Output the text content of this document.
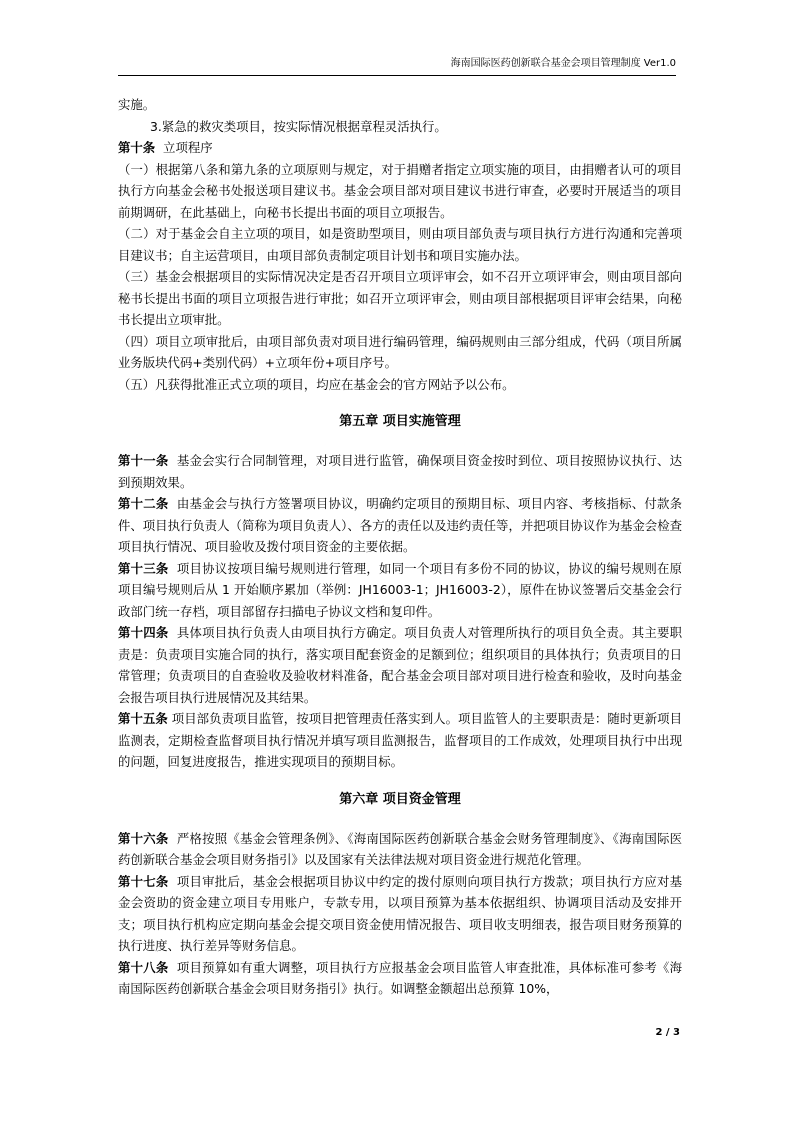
海南国际医药创新联合基金会项目管理制度 Ver1.0

实施。

3.紧急的救灾类项目，按实际情况根据章程灵活执行。

第十条  立项程序

（一）根据第八条和第九条的立项原则与规定，对于捐赠者指定立项实施的项目，由捐赠者认可的项目执行方向基金会秘书处报送项目建议书。基金会项目部对项目建议书进行审查，必要时开展适当的项目前期调研，在此基础上，向秘书长提出书面的项目立项报告。

（二）对于基金会自主立项的项目，如是资助型项目，则由项目部负责与项目执行方进行沟通和完善项目建议书；自主运营项目，由项目部负责制定项目计划书和项目实施办法。

（三）基金会根据项目的实际情况决定是否召开项目立项评审会，如不召开立项评审会，则由项目部向秘书长提出书面的项目立项报告进行审批；如召开立项评审会，则由项目部根据项目评审会结果，向秘书长提出立项审批。

（四）项目立项审批后，由项目部负责对项目进行编码管理，编码规则由三部分组成，代码（项目所属业务版块代码+类别代码）+立项年份+项目序号。

（五）凡获得批准正式立项的项目，均应在基金会的官方网站予以公布。

第五章 项目实施管理

第十一条  基金会实行合同制管理，对项目进行监管，确保项目资金按时到位、项目按照协议执行、达到预期效果。

第十二条  由基金会与执行方签署项目协议，明确约定项目的预期目标、项目内容、考核指标、付款条件、项目执行负责人（简称为项目负责人）、各方的责任以及违约责任等，并把项目协议作为基金会检查项目执行情况、项目验收及拨付项目资金的主要依据。

第十三条  项目协议按项目编号规则进行管理，如同一个项目有多份不同的协议，协议的编号规则在原项目编号规则后从 1 开始顺序累加（举例：JH16003-1；JH16003-2），原件在协议签署后交基金会行政部门统一存档，项目部留存扫描电子协议文档和复印件。

第十四条  具体项目执行负责人由项目执行方确定。项目负责人对管理所执行的项目负全责。其主要职责是：负责项目实施合同的执行，落实项目配套资金的足额到位；组织项目的具体执行；负责项目的日常管理；负责项目的自查验收及验收材料准备，配合基金会项目部对项目进行检查和验收，及时向基金会报告项目执行进展情况及其结果。

第十五条 项目部负责项目监管，按项目把管理责任落实到人。项目监管人的主要职责是：随时更新项目监测表，定期检查监督项目执行情况并填写项目监测报告，监督项目的工作成效，处理项目执行中出现的问题，回复进度报告，推进实现项目的预期目标。

第六章 项目资金管理

第十六条  严格按照《基金会管理条例》、《海南国际医药创新联合基金会财务管理制度》、《海南国际医药创新联合基金会项目财务指引》以及国家有关法律法规对项目资金进行规范化管理。

第十七条  项目审批后，基金会根据项目协议中约定的拨付原则向项目执行方拨款；项目执行方应对基金会资助的资金建立项目专用账户，专款专用，以项目预算为基本依据组织、协调项目活动及安排开支；项目执行机构应定期向基金会提交项目资金使用情况报告、项目收支明细表，报告项目财务预算的执行进度、执行差异等财务信息。

第十八条  项目预算如有重大调整，项目执行方应报基金会项目监管人审查批准，具体标准可参考《海南国际医药创新联合基金会项目财务指引》执行。如调整金额超出总预算 10%，

2 / 3
